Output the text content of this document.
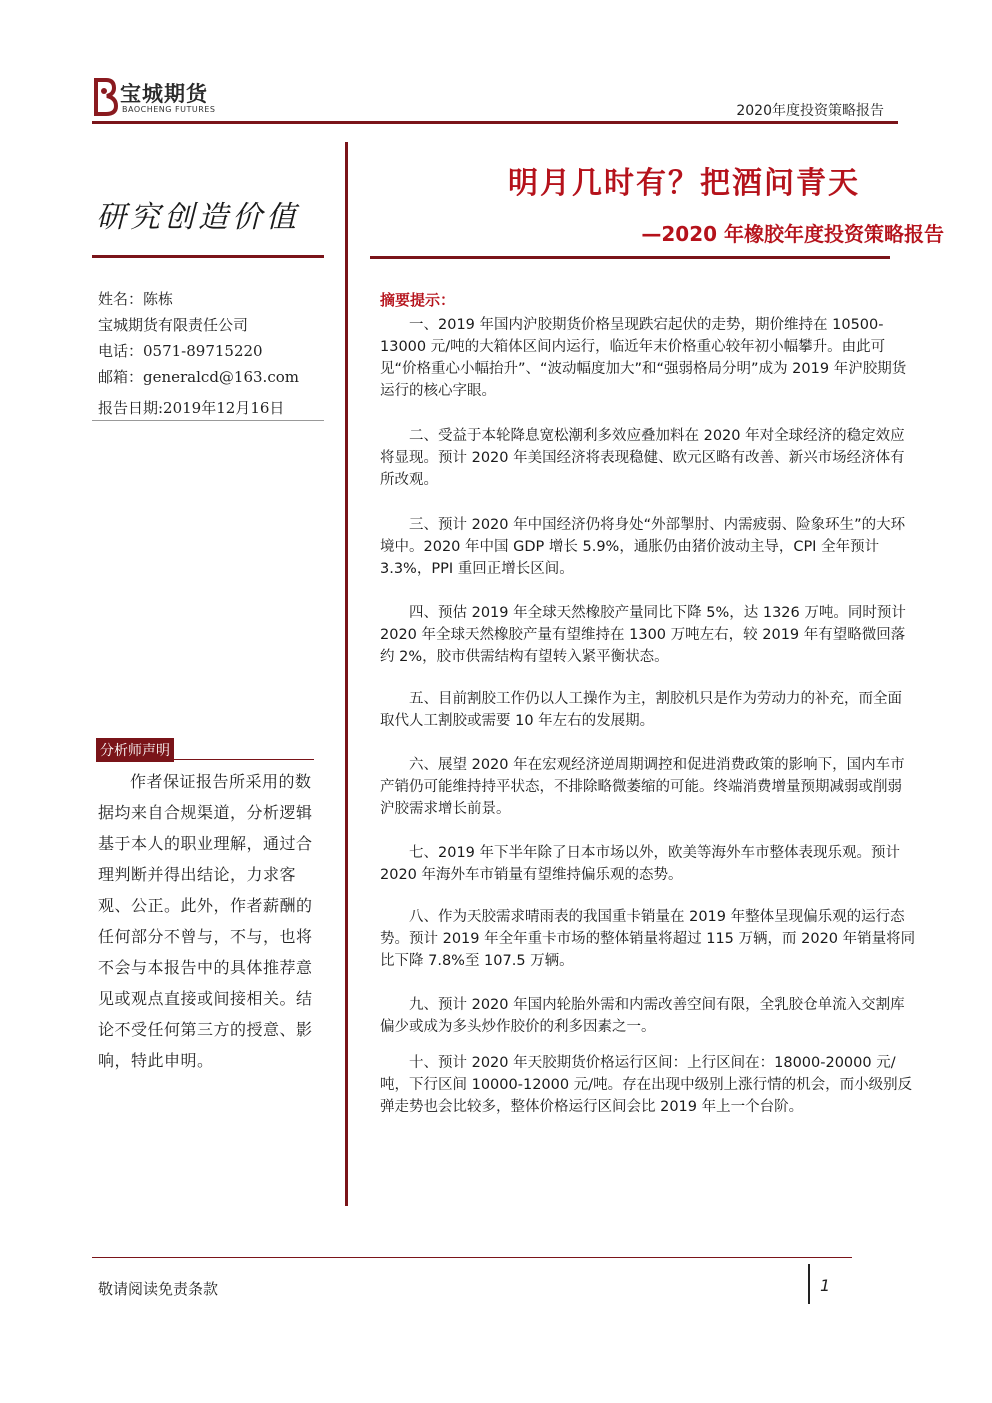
宝城期货
BAOCHENG FUTURES	2020年度投资策略报告
研究创造价值
姓名：陈栋
宝城期货有限责任公司
电话：0571-89715220
邮箱：generalcd@163.com
报告日期:2019年12月16日
分析师声明
作者保证报告所采用的数据均来自合规渠道，分析逻辑基于本人的职业理解，通过合理判断并得出结论，力求客观、公正。此外，作者薪酬的任何部分不曾与，不与，也将不会与本报告中的具体推荐意见或观点直接或间接相关。结论不受任何第三方的授意、影响，特此申明。
明月几时有？把酒问青天
—2020 年橡胶年度投资策略报告
摘要提示：
一、2019 年国内沪胶期货价格呈现跌宕起伏的走势，期价维持在 10500-13000 元/吨的大箱体区间内运行，临近年末价格重心较年初小幅攀升。由此可见“价格重心小幅抬升”、“波动幅度加大”和“强弱格局分明”成为 2019 年沪胶期货运行的核心字眼。
二、受益于本轮降息宽松潮利多效应叠加料在 2020 年对全球经济的稳定效应将显现。预计 2020 年美国经济将表现稳健、欧元区略有改善、新兴市场经济体有所改观。
三、预计 2020 年中国经济仍将身处“外部掣肘、内需疲弱、险象环生”的大环境中。2020 年中国 GDP 增长 5.9%，通胀仍由猪价波动主导，CPI 全年预计 3.3%，PPI 重回正增长区间。
四、预估 2019 年全球天然橡胶产量同比下降 5%，达 1326 万吨。同时预计 2020 年全球天然橡胶产量有望维持在 1300 万吨左右，较 2019 年有望略微回落约 2%，胶市供需结构有望转入紧平衡状态。
五、目前割胶工作仍以人工操作为主，割胶机只是作为劳动力的补充，而全面取代人工割胶或需要 10 年左右的发展期。
六、展望 2020 年在宏观经济逆周期调控和促进消费政策的影响下，国内车市产销仍可能维持持平状态，不排除略微萎缩的可能。终端消费增量预期减弱或削弱沪胶需求增长前景。
七、2019 年下半年除了日本市场以外，欧美等海外车市整体表现乐观。预计 2020 年海外车市销量有望维持偏乐观的态势。
八、作为天胶需求晴雨表的我国重卡销量在 2019 年整体呈现偏乐观的运行态势。预计 2019 年全年重卡市场的整体销量将超过 115 万辆，而 2020 年销量将同比下降 7.8%至 107.5 万辆。
九、预计 2020 年国内轮胎外需和内需改善空间有限，全乳胶仓单流入交割库偏少或成为多头炒作胶价的利多因素之一。
十、预计 2020 年天胶期货价格运行区间：上行区间在：18000-20000 元/吨，下行区间 10000-12000 元/吨。存在出现中级别上涨行情的机会，而小级别反弹走势也会比较多，整体价格运行区间会比 2019 年上一个台阶。
敬请阅读免责条款	1
